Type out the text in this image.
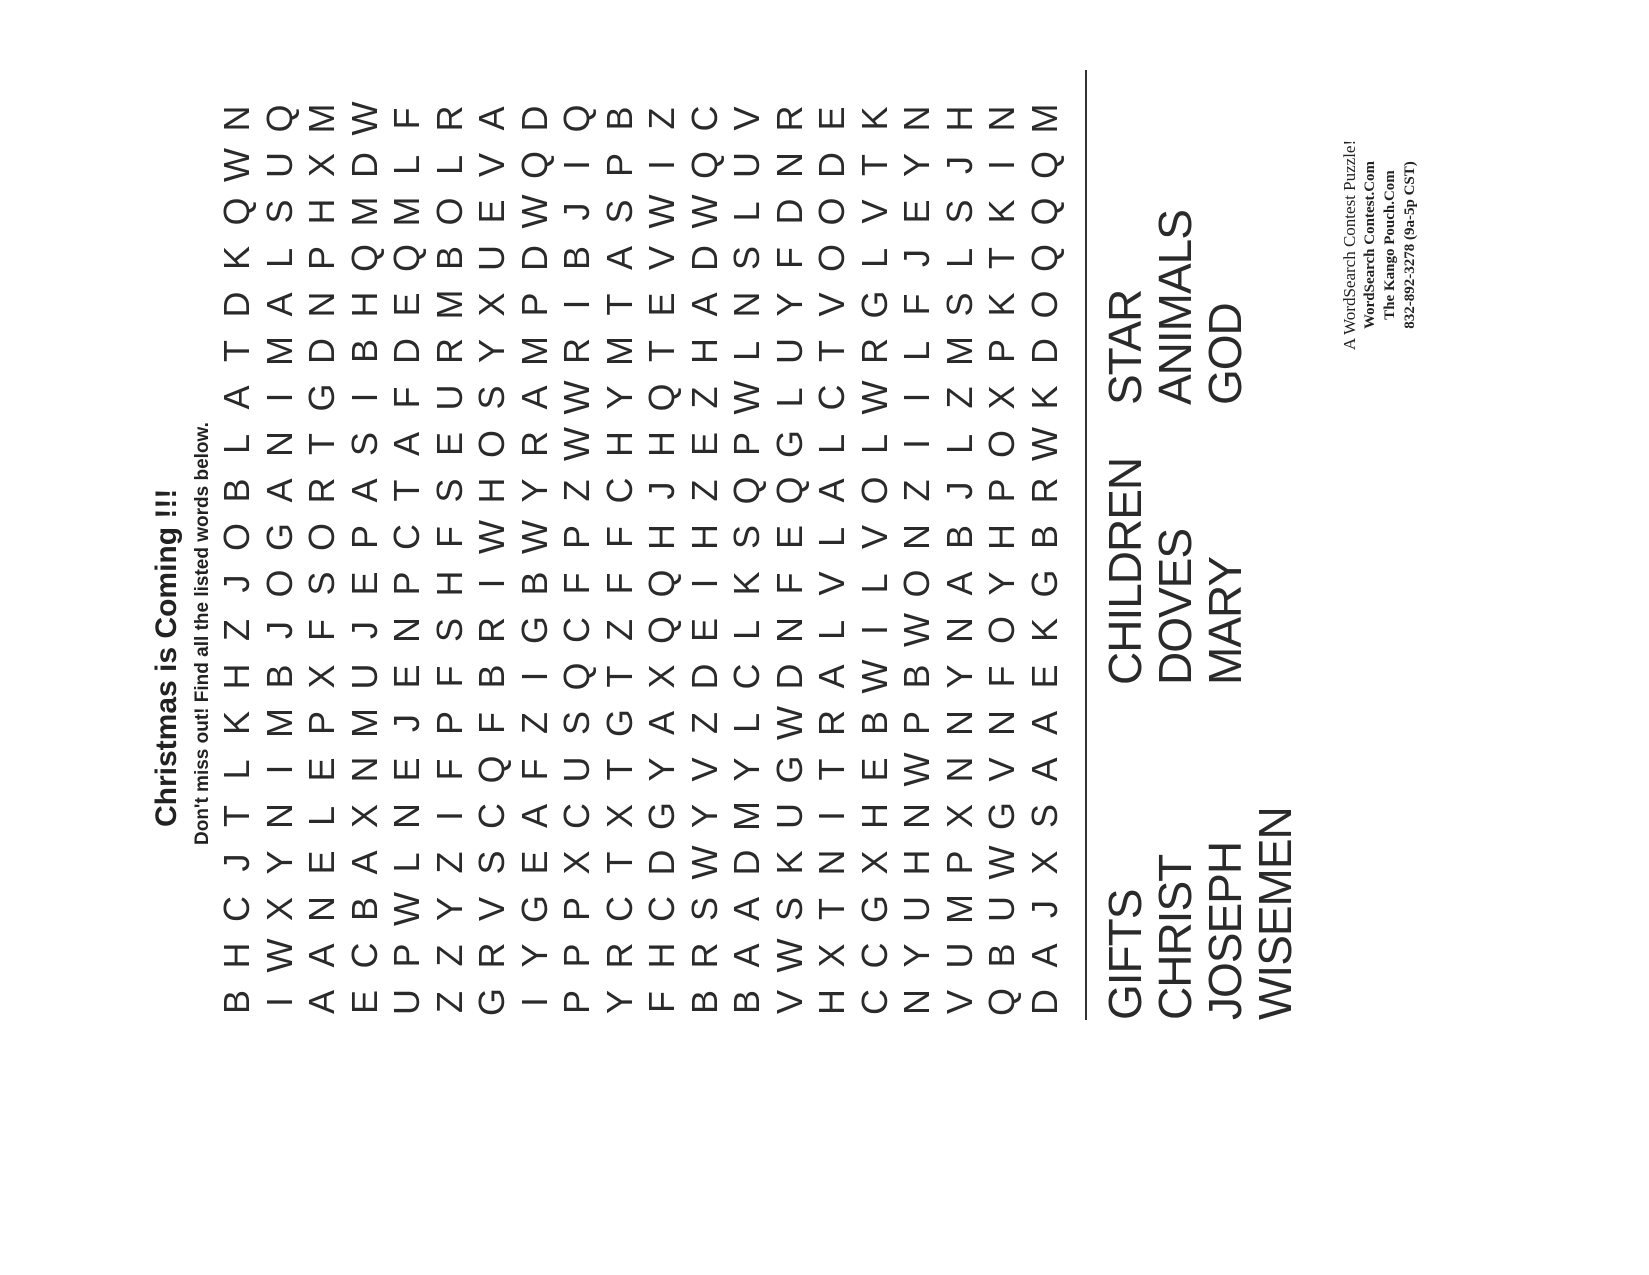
Christmas is Coming !!! Don't miss out! Find all the listed words below.
B
H
C
J
T
L
K
H
Z
J
O
B
L
A
T
D
K
Q
W
N
I
W
X
Y
N
I
M
B
J
O
G
A
N
I
M
A
L
S
U
Q
A
A
N
E
L
E
P
X
F
S
O
R
T
G
D
N
P
H
X
M
E
C
B
A
X
N
M
U
J
E
P
A
S
I
B
H
Q
M
D
W
U
P
W
L
N
E
J
E
N
P
C
T
A
F
D
E
Q
M
L
F
Z
Z
Y
Z
I
F
P
F
S
H
F
S
E
U
R
M
B
O
L
R
G
R
V
S
C
Q
F
B
R
I
W
H
O
S
Y
X
U
E
V
A
I
Y
G
E
A
F
Z
I
G
B
W
Y
R
A
M
P
D
W
Q
D
P
P
P
X
C
U
S
Q
C
F
P
Z
W
W
R
I
B
J
I
Q
Y
R
C
T
X
T
G
T
Z
F
F
C
H
Y
M
T
A
S
P
B
F
H
C
D
G
Y
A
X
Q
Q
H
J
H
Q
T
E
V
W
I
Z
B
R
S
W
Y
V
Z
D
E
I
H
Z
E
Z
H
A
D
W
Q
C
B
A
A
D
M
Y
L
C
L
K
S
Q
P
W
L
N
S
L
U
V
V
W
S
K
U
G
W
D
N
F
E
Q
G
L
U
Y
F
D
N
R
H
X
T
N
I
T
R
A
L
V
L
A
L
C
T
V
O
O
D
E
C
C
G
X
H
E
B
W
I
L
V
O
L
W
R
G
L
V
T
K
N
Y
U
H
N
W
P
B
W
O
N
Z
I
I
L
F
J
E
Y
N
V
U
M
P
X
N
N
Y
N
A
B
J
L
Z
M
S
L
S
J
H
Q
B
U
W
G
V
N
F
O
Y
H
P
O
X
P
K
T
K
I
N
D
A
J
X
S
A
A
E
K
G
B
R
W
K
D
O
Q
Q
Q
M
GIFTS
CHILDREN
STAR
CHRIST
DOVES
ANIMALS
JOSEPH
MARY
GOD
WISEMEN
A WordSearch Contest Puzzle! WordSearch Contest.Com The Kango Pouch.Com 832-892-3278 (9a-5p CST)
